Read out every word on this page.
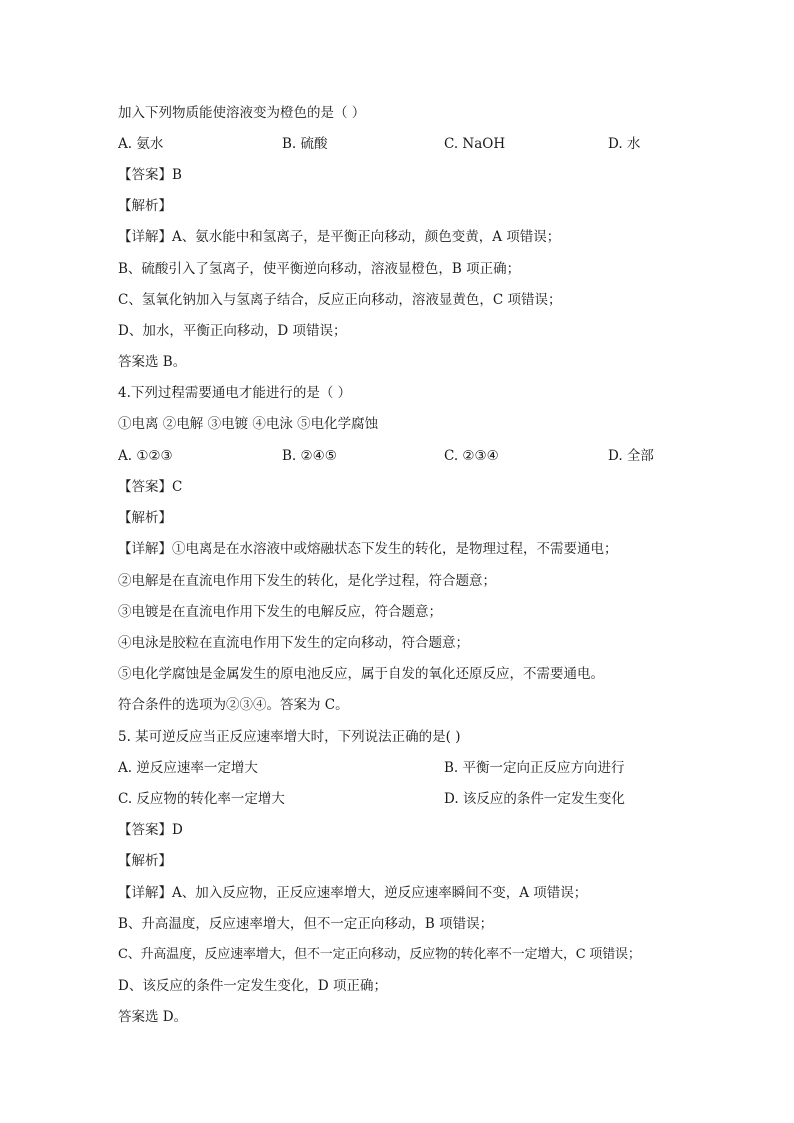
加入下列物质能使溶液变为橙色的是（ ）
A. 氨水	B. 硫酸	C. NaOH	D. 水
【答案】B
【解析】
【详解】A、氨水能中和氢离子，是平衡正向移动，颜色变黄，A 项错误；
B、硫酸引入了氢离子，使平衡逆向移动，溶液显橙色，B 项正确；
C、氢氧化钠加入与氢离子结合，反应正向移动，溶液显黄色，C 项错误；
D、加水，平衡正向移动，D 项错误；
答案选 B。
4.下列过程需要通电才能进行的是（ ）
①电离 ②电解 ③电镀 ④电泳 ⑤电化学腐蚀
A. ①②③	B. ②④⑤	C. ②③④	D. 全部
【答案】C
【解析】
【详解】①电离是在水溶液中或熔融状态下发生的转化，是物理过程，不需要通电；
②电解是在直流电作用下发生的转化，是化学过程，符合题意；
③电镀是在直流电作用下发生的电解反应，符合题意；
④电泳是胶粒在直流电作用下发生的定向移动，符合题意；
⑤电化学腐蚀是金属发生的原电池反应，属于自发的氧化还原反应，不需要通电。
符合条件的选项为②③④。答案为 C。
5. 某可逆反应当正反应速率增大时，下列说法正确的是( )
A. 逆反应速率一定增大	B. 平衡一定向正反应方向进行
C. 反应物的转化率一定增大	D. 该反应的条件一定发生变化
【答案】D
【解析】
【详解】A、加入反应物，正反应速率增大，逆反应速率瞬间不变，A 项错误；
B、升高温度，反应速率增大，但不一定正向移动，B 项错误；
C、升高温度，反应速率增大，但不一定正向移动，反应物的转化率不一定增大，C 项错误；
D、该反应的条件一定发生变化，D 项正确；
答案选 D。
